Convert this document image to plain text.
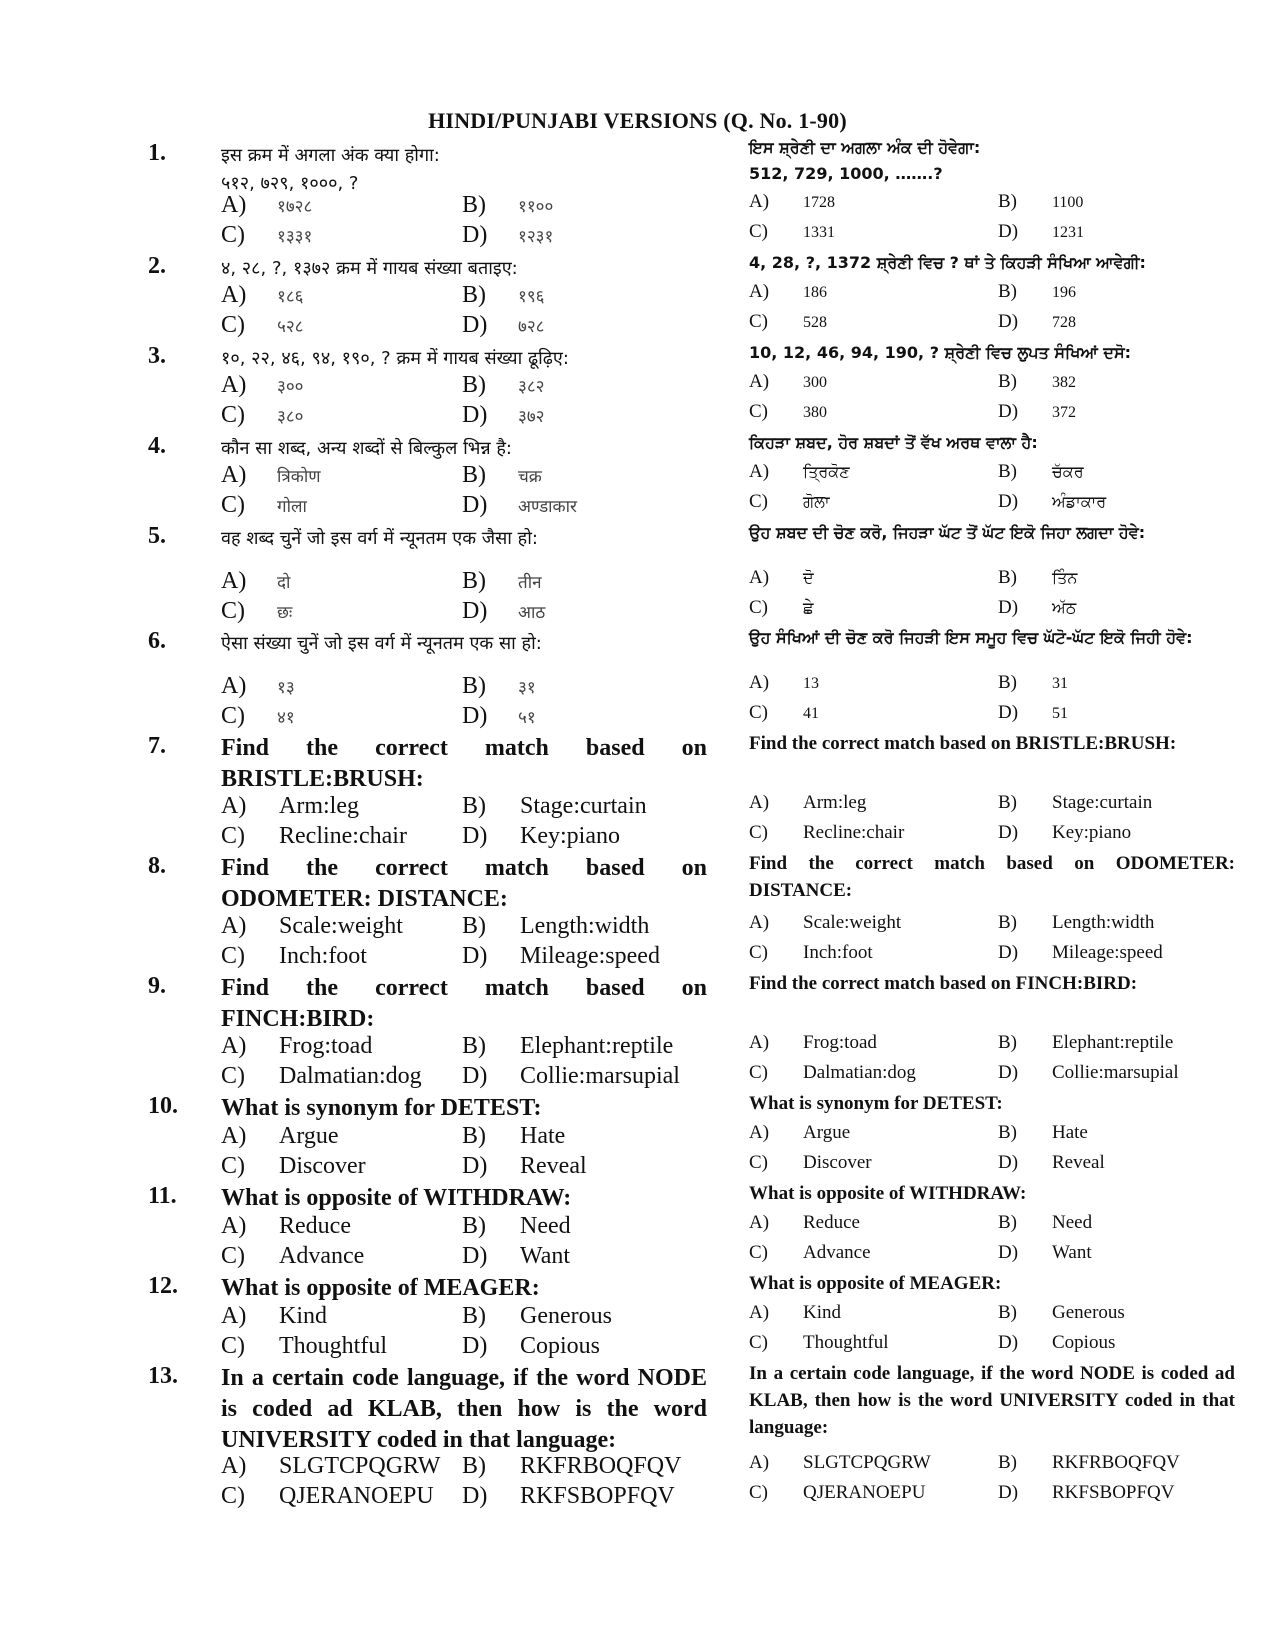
HINDI/PUNJABI VERSIONS (Q. No. 1-90)
1.	इस क्रम में अगला अंक क्या होगा:
५१२, ७२९, १०००, ?
ਇਸ ਸ਼੍ਰੇਣੀ ਦਾ ਅਗਲਾ ਅੰਕ ਦੀ ਹੋਵੇਗਾ:
512, 729, 1000, …….?
A) १७२८	A) 1728
B) ११००	B) 1100
C) १३३१	C) 1331
D) १२३१	D) 1231
2.	४, २८, ?, १३७२ क्रम में गायब संख्या बताइए:	4, 28, ?, 1372 ਸ਼੍ਰੇਣੀ ਵਿਚ ? ਥਾਂ ਤੇ ਕਿਹੜੀ ਸੰਖਿਆ ਆਵੇਗੀ:
A) १८६	A) 186
B) १९६	B) 196
C) ५२८	C) 528
D) ७२८	D) 728
3.	१०, २२, ४६, ९४, १९०, ? क्रम में गायब संख्या ढूढ़िए:	10, 12, 46, 94, 190, ? ਸ਼੍ਰੇਣੀ ਵਿਚ ਲੁਪਤ ਸੰਖਿਆਂ ਦਸੋ:
A) ३००	A) 300
B) ३८२	B) 382
C) ३८०	C) 380
D) ३७२	D) 372
4.	कौन सा शब्द, अन्य शब्दों से बिल्कुल भिन्न है:	ਕਿਹੜਾ ਸ਼ਬਦ, ਹੋਰ ਸ਼ਬਦਾਂ ਤੋਂ ਵੱਖ ਅਰਥ ਵਾਲਾ ਹੈ:
A) त्रिकोण	A) ਤ੍ਰਿਕੋਣ
B) चक्र	B) ਚੱਕਰ
C) गोला	C) ਗੋਲਾ
D) अण्डाकार	D) ਅੰਡਾਕਾਰ
5.	वह शब्द चुनें जो इस वर्ग में न्यूनतम एक जैसा हो:	ਉਹ ਸ਼ਬਦ ਦੀ ਚੋਣ ਕਰੋ, ਜਿਹੜਾ ਘੱਟ ਤੋਂ ਘੱਟ ਇਕੋ ਜਿਹਾ ਲਗਦਾ ਹੋਵੇ:
A) दो	A) ਦੋ
B) तीन	B) ਤਿੰਨ
C) छः	C) ਛੇ
D) आठ	D) ਅੱਠ
6.	ऐसा संख्या चुनें जो इस वर्ग में न्यूनतम एक सा हो:	ਉਹ ਸੰਖਿਆਂ ਦੀ ਚੋਣ ਕਰੋ ਜਿਹੜੀ ਇਸ ਸਮੂਹ ਵਿਚ ਘੱਟੋ-ਘੱਟ ਇਕੋ ਜਿਹੀ ਹੋਵੇ:
A) १३	A) 13
B) ३१	B) 31
C) ४१	C) 41
D) ५१	D) 51
7.	Find the correct match based on BRISTLE:BRUSH:
Find the correct match based on BRISTLE:BRUSH:
A) Arm:leg	A) Arm:leg
B) Stage:curtain	B) Stage:curtain
C) Recline:chair	C) Recline:chair
D) Key:piano	D) Key:piano
8.	Find the correct match based on ODOMETER: DISTANCE:
Find the correct match based on ODOMETER: DISTANCE:
A) Scale:weight	A) Scale:weight
B) Length:width	B) Length:width
C) Inch:foot	C) Inch:foot
D) Mileage:speed	D) Mileage:speed
9.	Find the correct match based on FINCH:BIRD:
Find the correct match based on FINCH:BIRD:
A) Frog:toad	A) Frog:toad
B) Elephant:reptile	B) Elephant:reptile
C) Dalmatian:dog	C) Dalmatian:dog
D) Collie:marsupial	D) Collie:marsupial
10.	What is synonym for DETEST:	What is synonym for DETEST:
A) Argue	A) Argue
B) Hate	B) Hate
C) Discover	C) Discover
D) Reveal	D) Reveal
11.	What is opposite of WITHDRAW:	What is opposite of WITHDRAW:
A) Reduce	A) Reduce
B) Need	B) Need
C) Advance	C) Advance
D) Want	D) Want
12.	What is opposite of MEAGER:	What is opposite of MEAGER:
A) Kind	A) Kind
B) Generous	B) Generous
C) Thoughtful	C) Thoughtful
D) Copious	D) Copious
13.	In a certain code language, if the word NODE is coded ad KLAB, then how is the word UNIVERSITY coded in that language:
In a certain code language, if the word NODE is coded ad KLAB, then how is the word UNIVERSITY coded in that language:
A) SLGTCPQGRW	A) SLGTCPQGRW
B) RKFRBOQFQV	B) RKFRBOQFQV
C) QJERANOEPU	C) QJERANOEPU
D) RKFSBOPFQV	D) RKFSBOPFQV
